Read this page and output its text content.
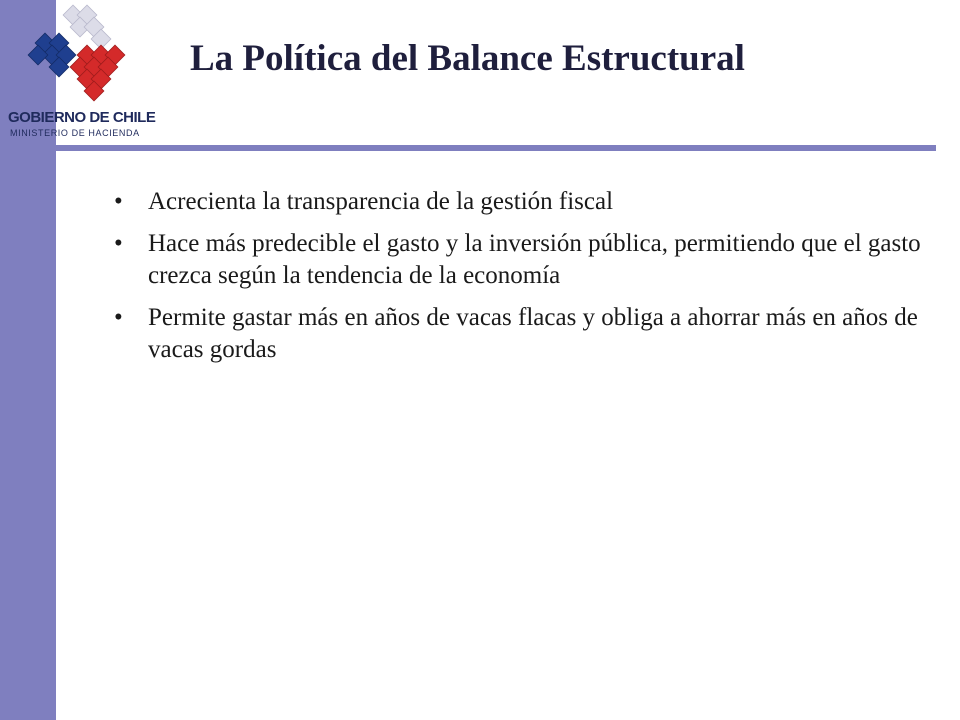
GOBIERNO DE CHILE
MINISTERIO DE HACIENDA
La Política del Balance Estructural
• Acrecienta la transparencia de la gestión fiscal
• Hace más predecible el gasto y la inversión pública, permitiendo que el gasto crezca según la tendencia de la economía
• Permite gastar más en años de vacas flacas y obliga a ahorrar más en años de vacas gordas
